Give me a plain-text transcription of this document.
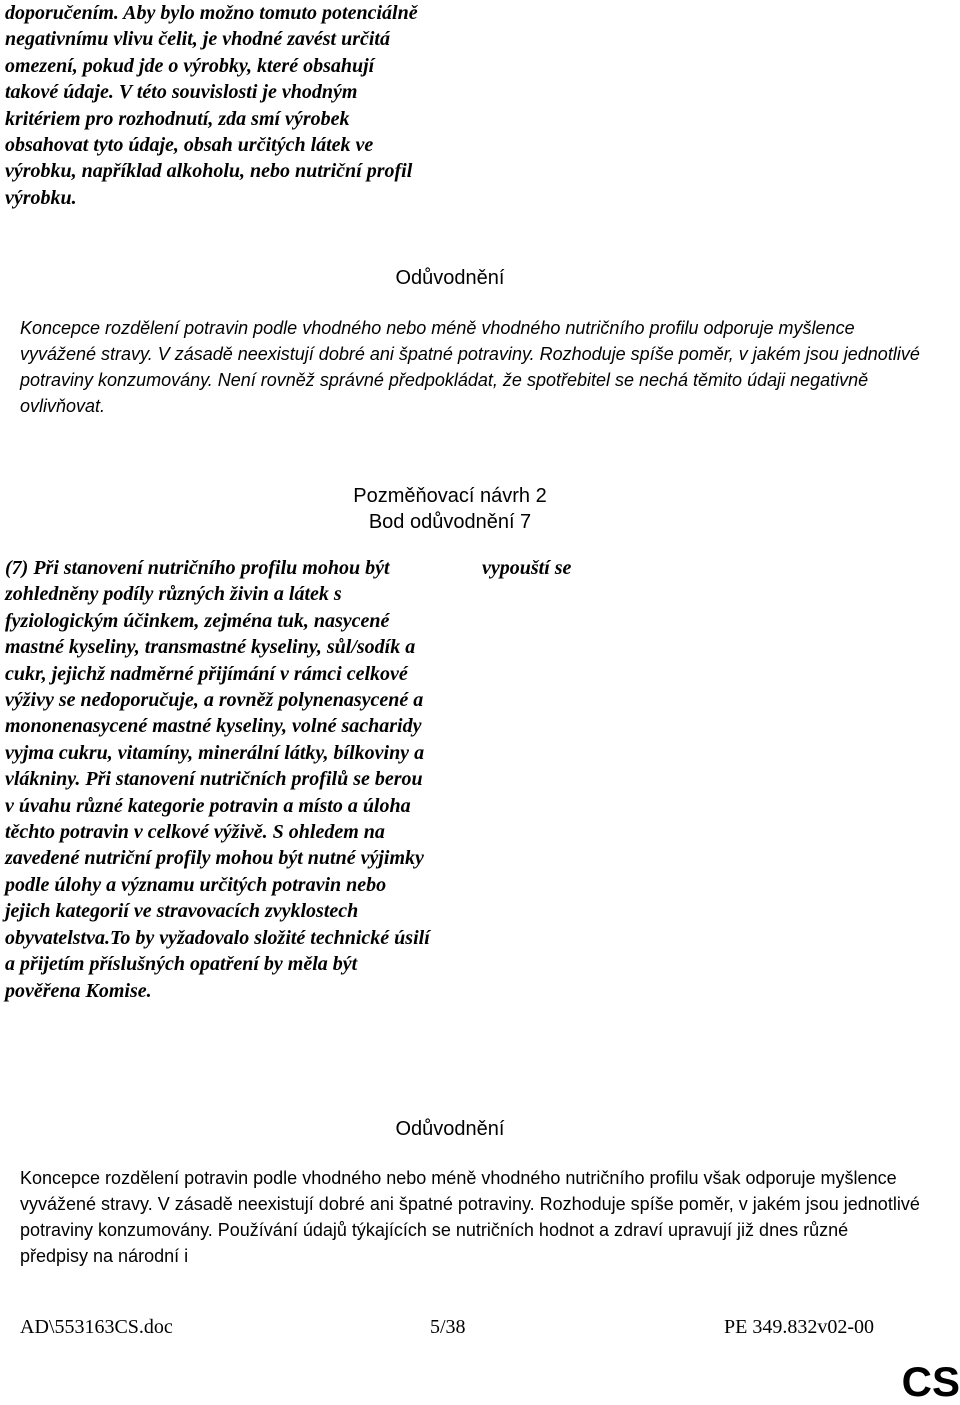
doporučením. Aby bylo možno tomuto potenciálně negativnímu vlivu čelit, je vhodné zavést určitá omezení, pokud jde o výrobky, které obsahují takové údaje. V této souvislosti je vhodným kritériem pro rozhodnutí, zda smí výrobek obsahovat tyto údaje, obsah určitých látek ve výrobku, například alkoholu, nebo nutriční profil výrobku.

Odůvodnění

Koncepce rozdělení potravin podle vhodného nebo méně vhodného nutričního profilu odporuje myšlence vyvážené stravy. V zásadě neexistují dobré ani špatné potraviny. Rozhoduje spíše poměr, v jakém jsou jednotlivé potraviny konzumovány. Není rovněž správné předpokládat, že spotřebitel se nechá těmito údaji negativně ovlivňovat.

Pozměňovací návrh 2
Bod odůvodnění 7

(7) Při stanovení nutričního profilu mohou být zohledněny podíly různých živin a látek s fyziologickým účinkem, zejména tuk, nasycené mastné kyseliny, transmastné kyseliny, sůl/sodík a cukr, jejichž nadměrné přijímání v rámci celkové výživy se nedoporučuje, a rovněž polynenasycené a mononenasycené mastné kyseliny, volné sacharidy vyjma cukru, vitamíny, minerální látky, bílkoviny a vlákniny. Při stanovení nutričních profilů se berou v úvahu různé kategorie potravin a místo a úloha těchto potravin v celkové výživě. S ohledem na zavedené nutriční profily mohou být nutné výjimky podle úlohy a významu určitých potravin nebo jejich kategorií ve stravovacích zvyklostech obyvatelstva.To by vyžadovalo složité technické úsilí a přijetím příslušných opatření by měla být pověřena Komise.

vypouští se

Odůvodnění

Koncepce rozdělení potravin podle vhodného nebo méně vhodného nutričního profilu však odporuje myšlence vyvážené stravy. V zásadě neexistují dobré ani špatné potraviny. Rozhoduje spíše poměr, v jakém jsou jednotlivé potraviny konzumovány. Používání údajů týkajících se nutričních hodnot a zdraví upravují již dnes různé předpisy na národní i

AD\553163CS.doc	5/38	PE 349.832v02-00
CS
